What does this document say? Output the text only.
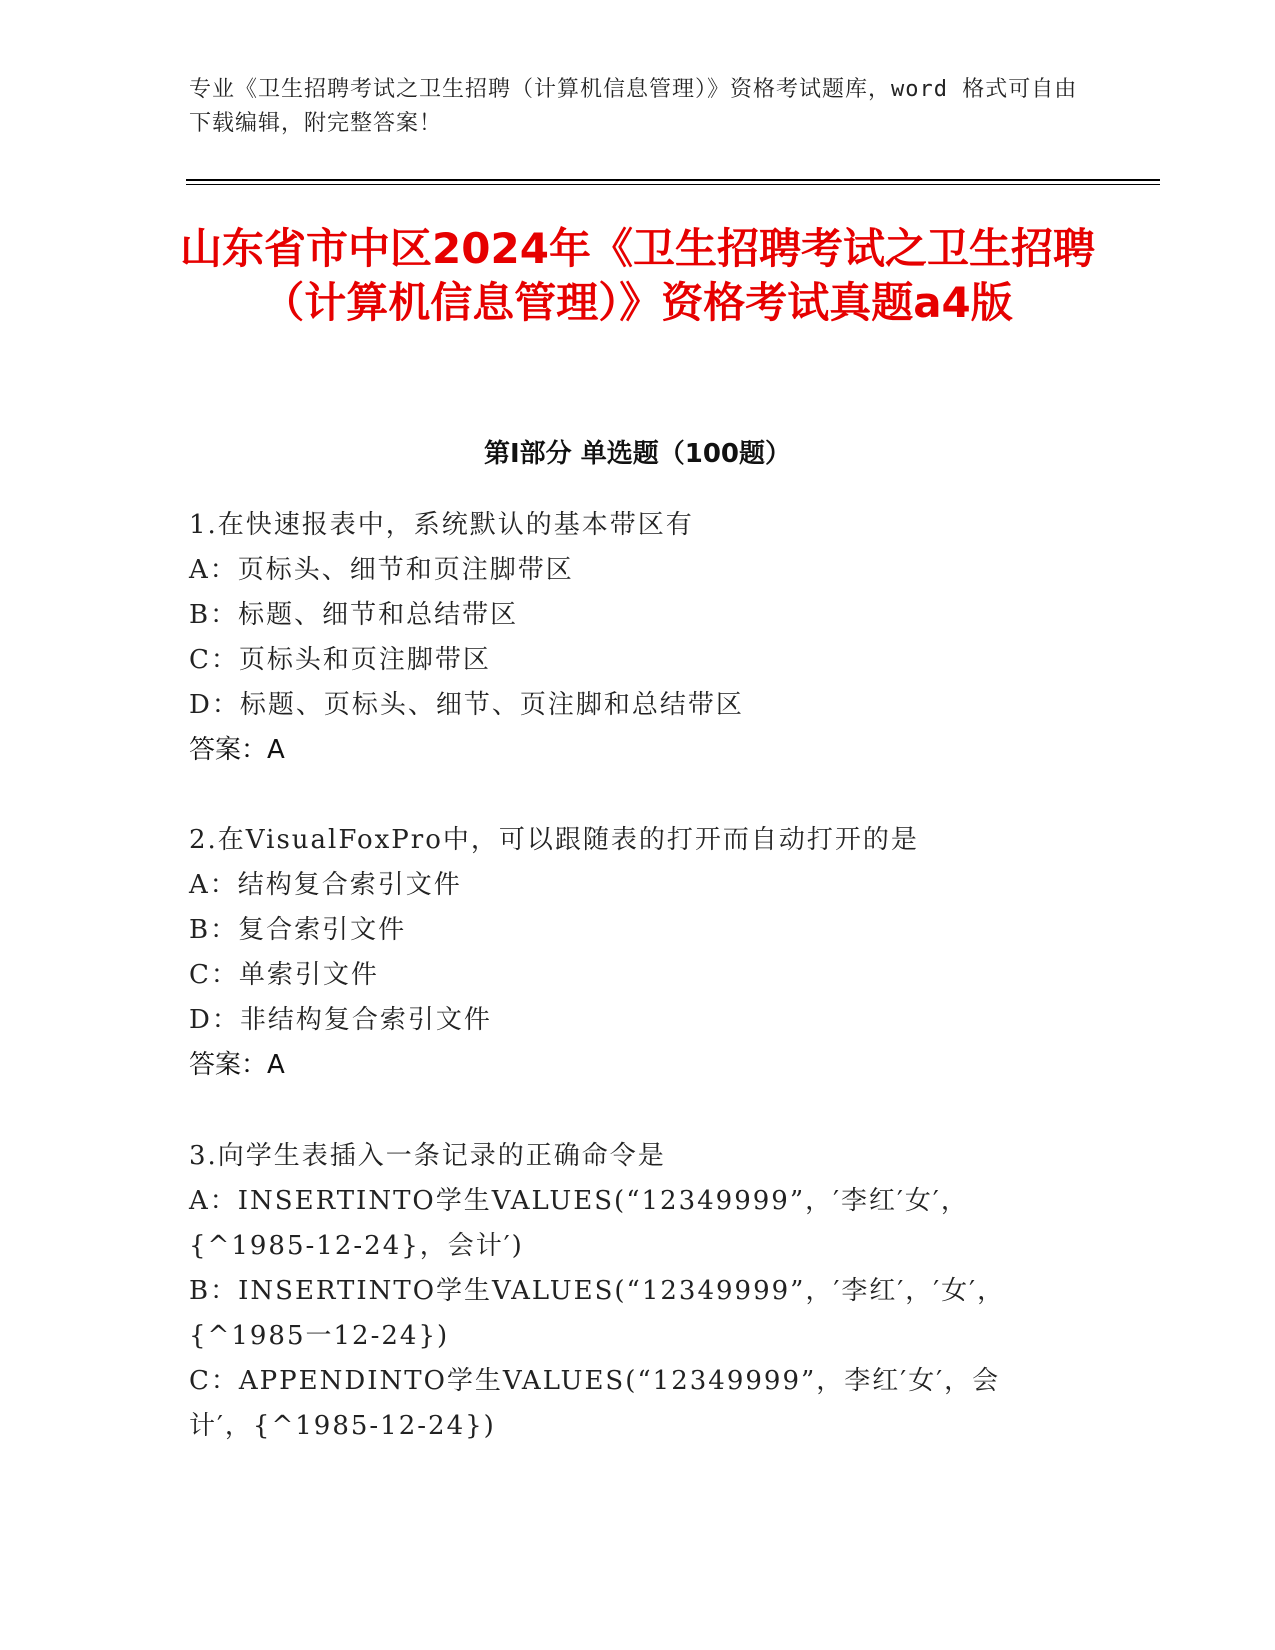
专业《卫生招聘考试之卫生招聘（计算机信息管理）》资格考试题库，word 格式可自由下载编辑，附完整答案！
山东省市中区2024年《卫生招聘考试之卫生招聘（计算机信息管理）》资格考试真题a4版
第Ⅰ部分 单选题（100题）
1.在快速报表中，系统默认的基本带区有
A：页标头、细节和页注脚带区
B：标题、细节和总结带区
C：页标头和页注脚带区
D：标题、页标头、细节、页注脚和总结带区
答案：A
2.在VisualFoxPro中，可以跟随表的打开而自动打开的是
A：结构复合索引文件
B：复合索引文件
C：单索引文件
D：非结构复合索引文件
答案：A
3.向学生表插入一条记录的正确命令是
A：INSERTINTO学生VALUES(“12349999”，′李红′女′，{^1985-12-24}，会计′)
B：INSERTINTO学生VALUES(“12349999”，′李红′，′女′，{^1985一12-24})
C：APPENDINTO学生VALUES(“12349999”，李红′女′，会计′，{^1985-12-24})
